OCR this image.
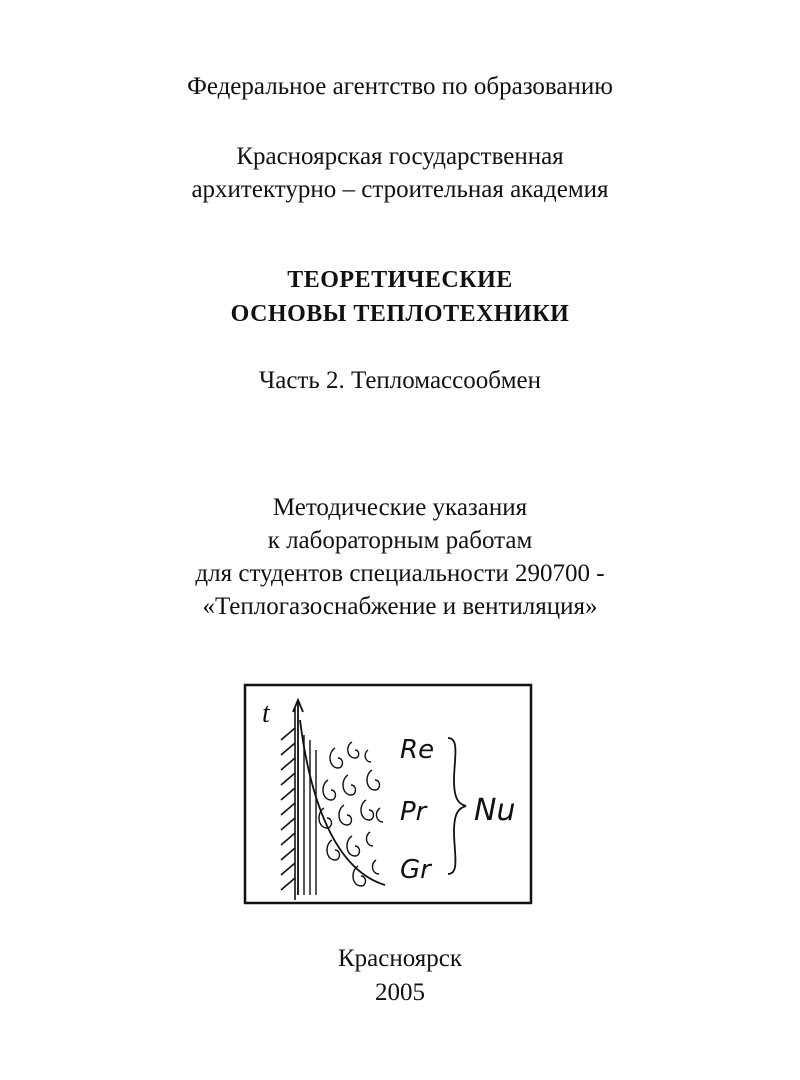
Федеральное агентство по образованию
Красноярская государственная
архитектурно – строительная академия
ТЕОРЕТИЧЕСКИЕ
ОСНОВЫ ТЕПЛОТЕХНИКИ
Часть 2. Тепломассообмен
Методические указания
к лабораторным работам
для студентов специальности 290700 -
«Теплогазоснабжение и вентиляция»
t
Re
Pr
Gr
Nu
Красноярск
2005
